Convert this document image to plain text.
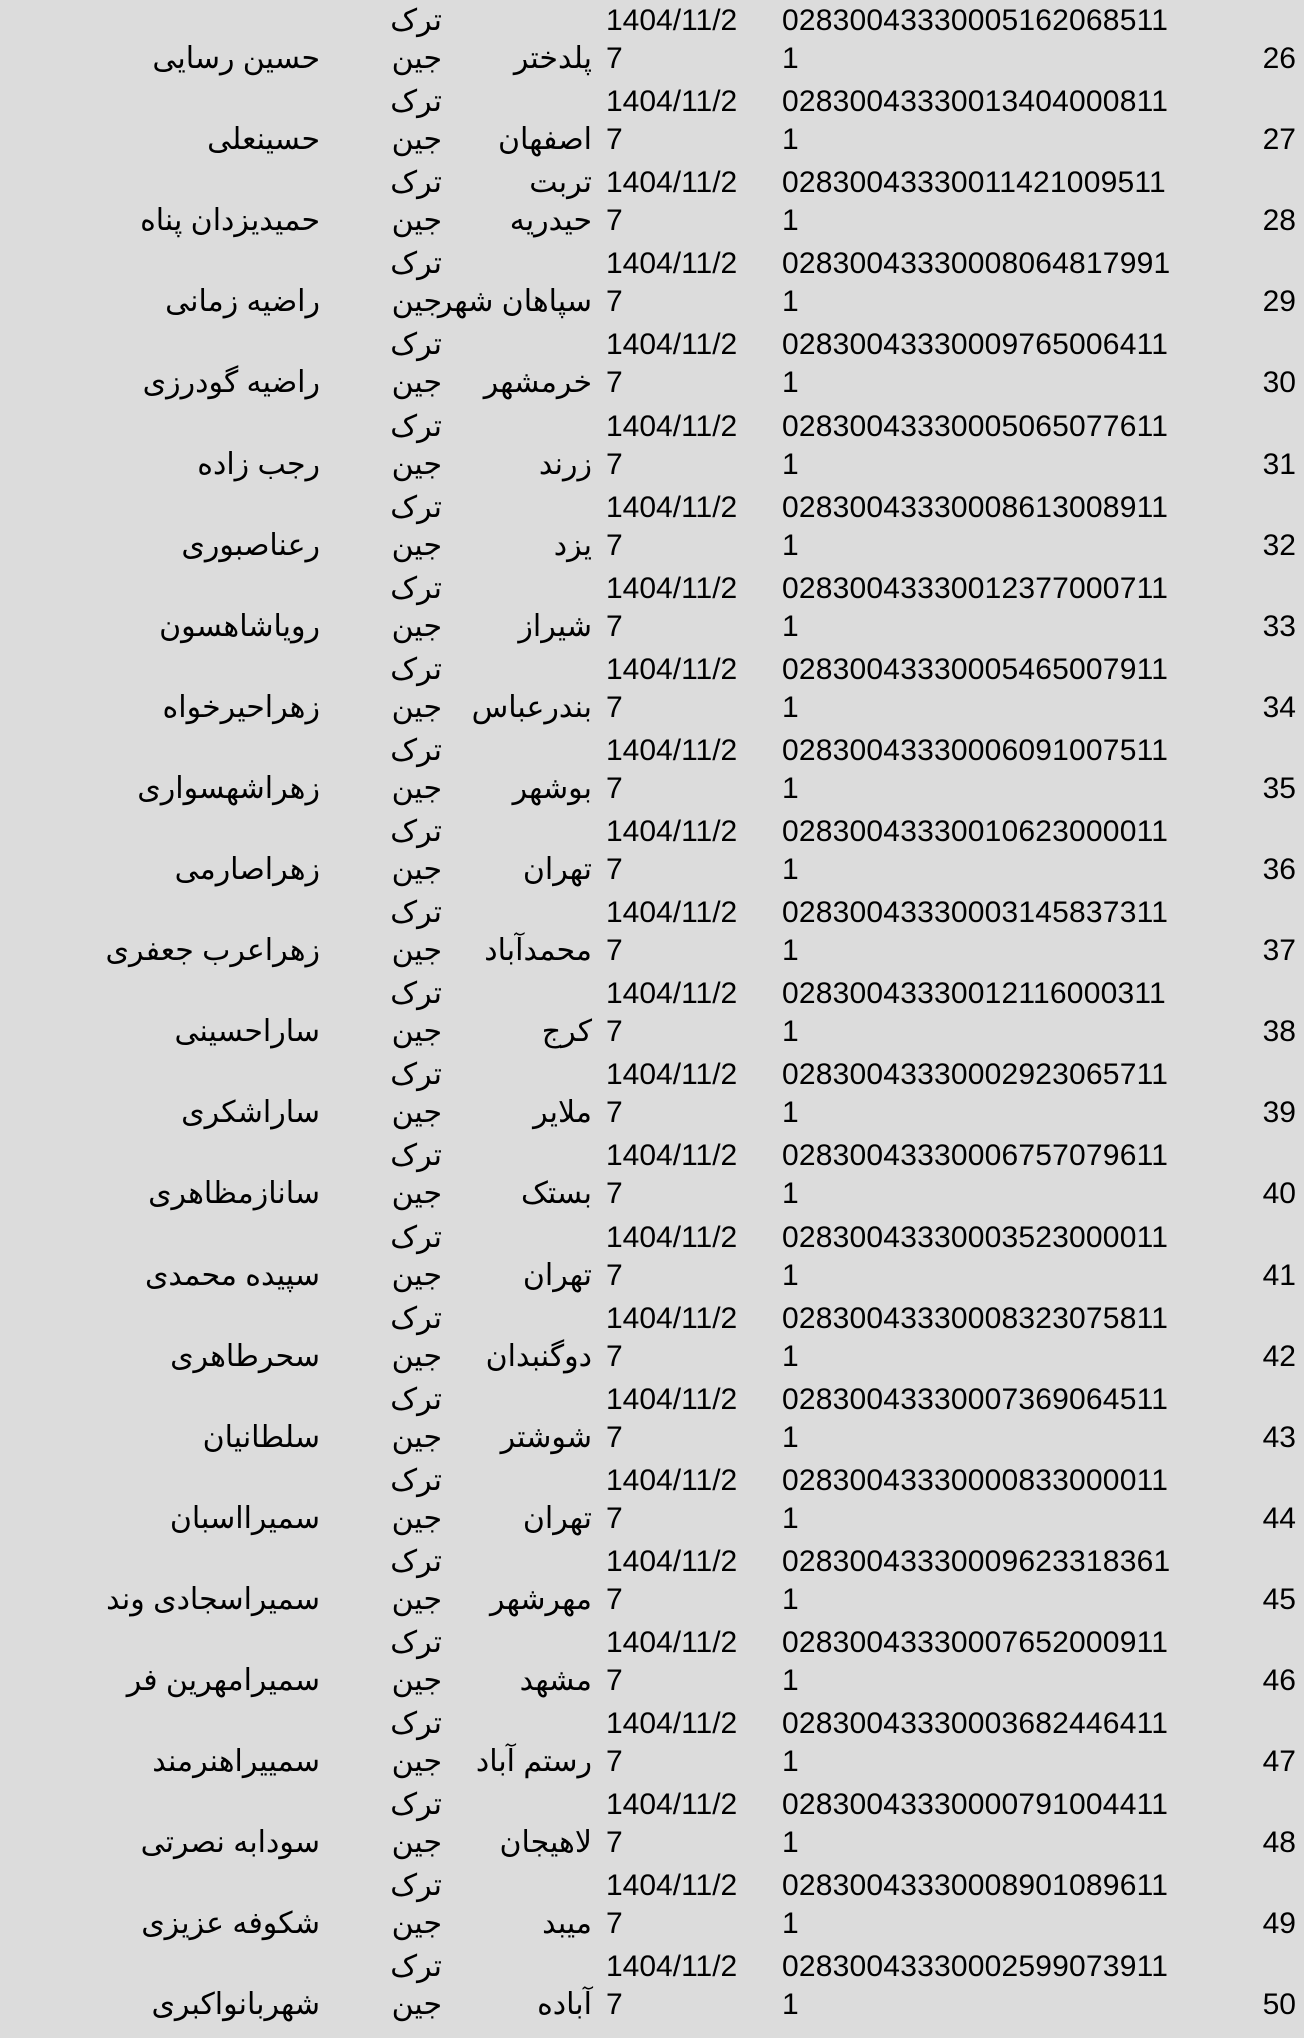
26
02830043330005162068511
1
1404/11/2
7
پلدختر
ترک
جین
حسین رسایی
27
02830043330013404000811
1
1404/11/2
7
اصفهان
ترک
جین
حسینعلی
28
02830043330011421009511
1
1404/11/2
7
تربت
حیدریه
ترک
جین
حمیدیزدان پناه
29
02830043330008064817991
1
1404/11/2
7
سپاهان شهر
ترک
جین
راضیه زمانی
30
02830043330009765006411
1
1404/11/2
7
خرمشهر
ترک
جین
راضیه گودرزی
31
02830043330005065077611
1
1404/11/2
7
زرند
ترک
جین
رجب زاده
32
02830043330008613008911
1
1404/11/2
7
یزد
ترک
جین
رعناصبوری
33
02830043330012377000711
1
1404/11/2
7
شیراز
ترک
جین
رویاشاهسون
34
02830043330005465007911
1
1404/11/2
7
بندرعباس
ترک
جین
زهراحیرخواه
35
02830043330006091007511
1
1404/11/2
7
بوشهر
ترک
جین
زهراشهسواری
36
02830043330010623000011
1
1404/11/2
7
تهران
ترک
جین
زهراصارمی
37
02830043330003145837311
1
1404/11/2
7
محمدآباد
ترک
جین
زهراعرب جعفری
38
02830043330012116000311
1
1404/11/2
7
کرج
ترک
جین
ساراحسینی
39
02830043330002923065711
1
1404/11/2
7
ملایر
ترک
جین
ساراشکری
40
02830043330006757079611
1
1404/11/2
7
بستک
ترک
جین
ساناز‌مظاهری
41
02830043330003523000011
1
1404/11/2
7
تهران
ترک
جین
سپیده محمدی
42
02830043330008323075811
1
1404/11/2
7
دوگنبدان
ترک
جین
سحرطاهری
43
02830043330007369064511
1
1404/11/2
7
شوشتر
ترک
جین
سلطانیان
44
02830043330000833000011
1
1404/11/2
7
تهران
ترک
جین
سمیرااسبان
45
02830043330009623318361
1
1404/11/2
7
مهرشهر
ترک
جین
سمیراسجادی وند
46
02830043330007652000911
1
1404/11/2
7
مشهد
ترک
جین
سمیرامهرین فر
47
02830043330003682446411
1
1404/11/2
7
رستم آباد
ترک
جین
سمییراهنرمند
48
02830043330000791004411
1
1404/11/2
7
لاهیجان
ترک
جین
سودابه نصرتی
49
02830043330008901089611
1
1404/11/2
7
میبد
ترک
جین
شکوفه عزیزی
50
02830043330002599073911
1
1404/11/2
7
آباده
ترک
جین
شهربانواکبری
